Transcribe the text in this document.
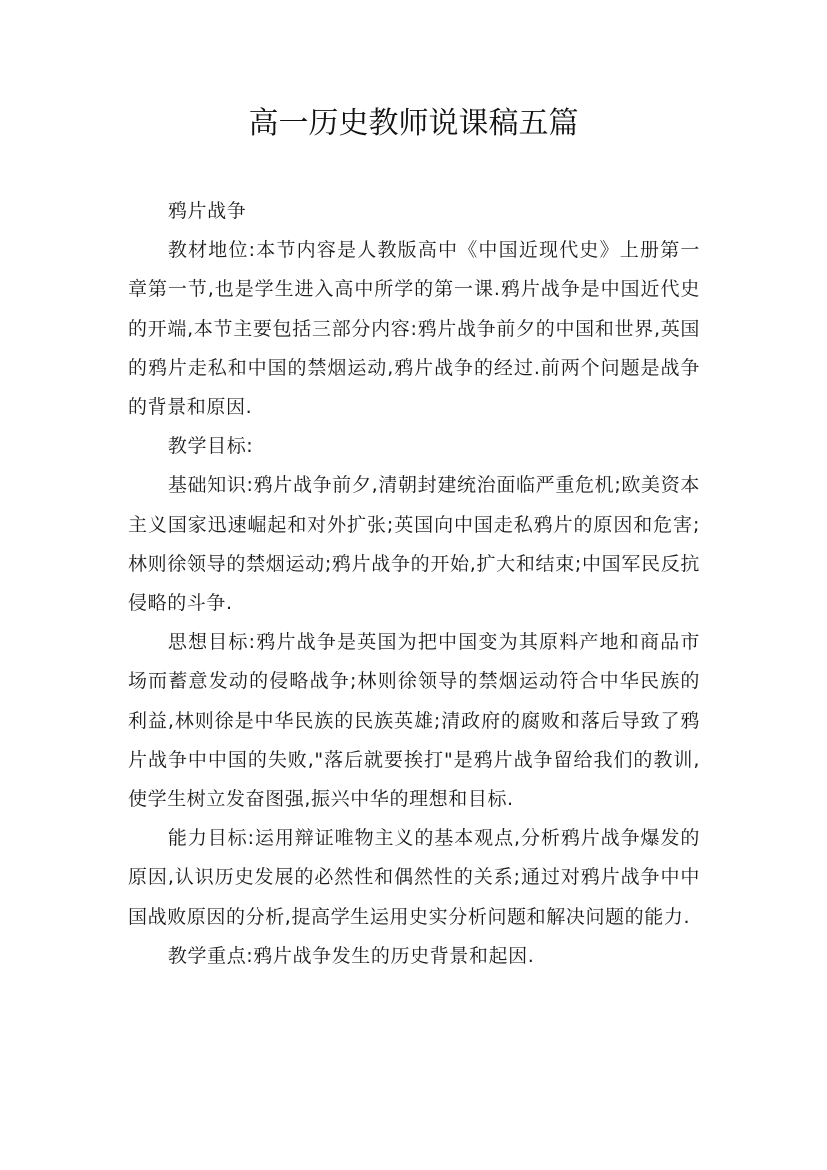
高一历史教师说课稿五篇

鸦片战争

教材地位:本节内容是人教版高中《中国近现代史》上册第一章第一节,也是学生进入高中所学的第一课.鸦片战争是中国近代史的开端,本节主要包括三部分内容:鸦片战争前夕的中国和世界,英国的鸦片走私和中国的禁烟运动,鸦片战争的经过.前两个问题是战争的背景和原因.

教学目标:

基础知识:鸦片战争前夕,清朝封建统治面临严重危机;欧美资本主义国家迅速崛起和对外扩张;英国向中国走私鸦片的原因和危害;林则徐领导的禁烟运动;鸦片战争的开始,扩大和结束;中国军民反抗侵略的斗争.

思想目标:鸦片战争是英国为把中国变为其原料产地和商品市场而蓄意发动的侵略战争;林则徐领导的禁烟运动符合中华民族的利益,林则徐是中华民族的民族英雄;清政府的腐败和落后导致了鸦片战争中中国的失败,"落后就要挨打"是鸦片战争留给我们的教训,使学生树立发奋图强,振兴中华的理想和目标.

能力目标:运用辩证唯物主义的基本观点,分析鸦片战争爆发的原因,认识历史发展的必然性和偶然性的关系;通过对鸦片战争中中国战败原因的分析,提高学生运用史实分析问题和解决问题的能力.

教学重点:鸦片战争发生的历史背景和起因.
